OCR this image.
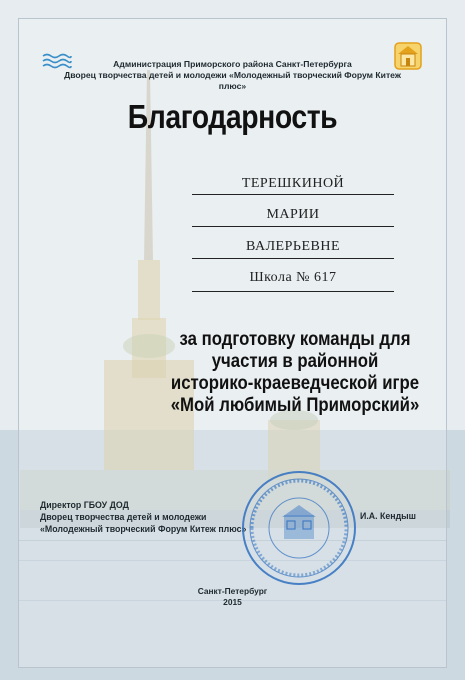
Администрация Приморского района Санкт-Петербурга
Дворец творчества детей и молодежи «Молодежный творческий Форум Китеж плюс»
Благодарность
ТЕРЕШКИНОЙ
МАРИИ
ВАЛЕРЬЕВНЕ
Школа № 617
за подготовку команды для
участия в районной
историко-краеведческой игре
«Мой любимый Приморский»
Директор ГБОУ ДОД
Дворец творчества детей и молодежи
«Молодежный творческий Форум Китеж плюс»
И.А. Кендыш
Санкт-Петербург
2015
